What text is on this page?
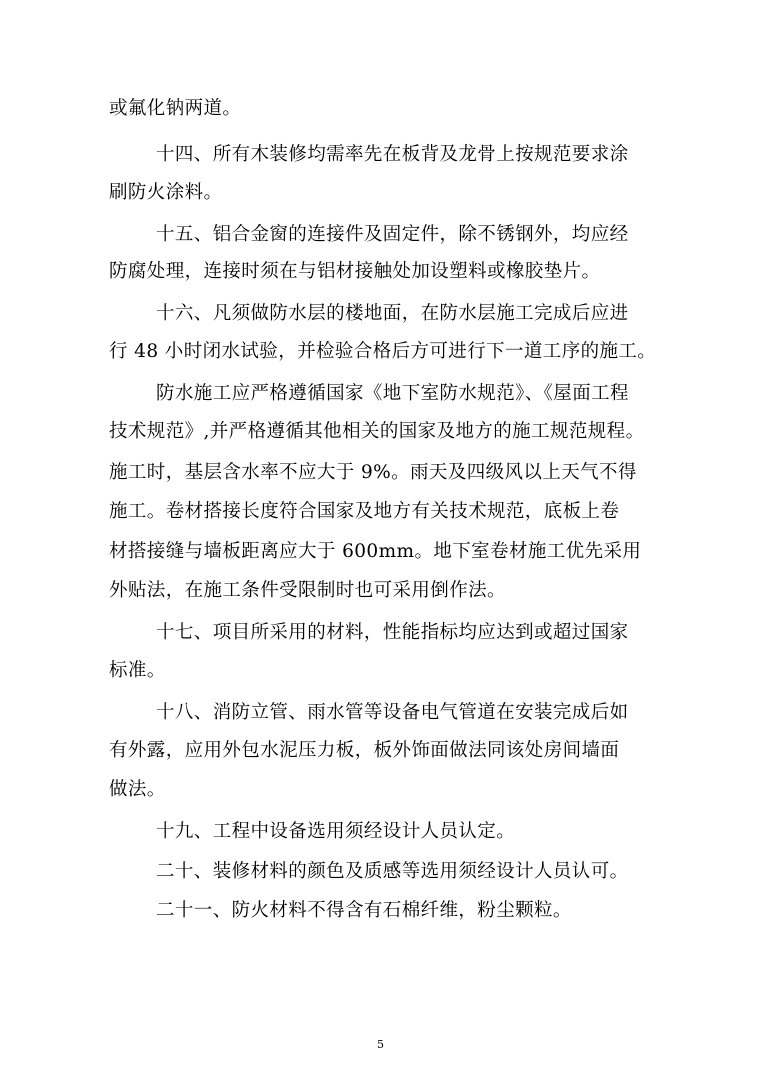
或氟化钠两道。
十四、所有木装修均需率先在板背及龙骨上按规范要求涂
刷防火涂料。
十五、铝合金窗的连接件及固定件，除不锈钢外，均应经
防腐处理，连接时须在与铝材接触处加设塑料或橡胶垫片。
十六、凡须做防水层的楼地面，在防水层施工完成后应进
行 48 小时闭水试验，并检验合格后方可进行下一道工序的施工。
防水施工应严格遵循国家《地下室防水规范》、《屋面工程
技术规范》,并严格遵循其他相关的国家及地方的施工规范规程。
施工时，基层含水率不应大于 9%。雨天及四级风以上天气不得
施工。卷材搭接长度符合国家及地方有关技术规范，底板上卷
材搭接缝与墙板距离应大于 600mm。地下室卷材施工优先采用
外贴法，在施工条件受限制时也可采用倒作法。
十七、项目所采用的材料，性能指标均应达到或超过国家
标准。
十八、消防立管、雨水管等设备电气管道在安装完成后如
有外露，应用外包水泥压力板，板外饰面做法同该处房间墙面
做法。
十九、工程中设备选用须经设计人员认定。
二十、装修材料的颜色及质感等选用须经设计人员认可。
二十一、防火材料不得含有石棉纤维，粉尘颗粒。
5
